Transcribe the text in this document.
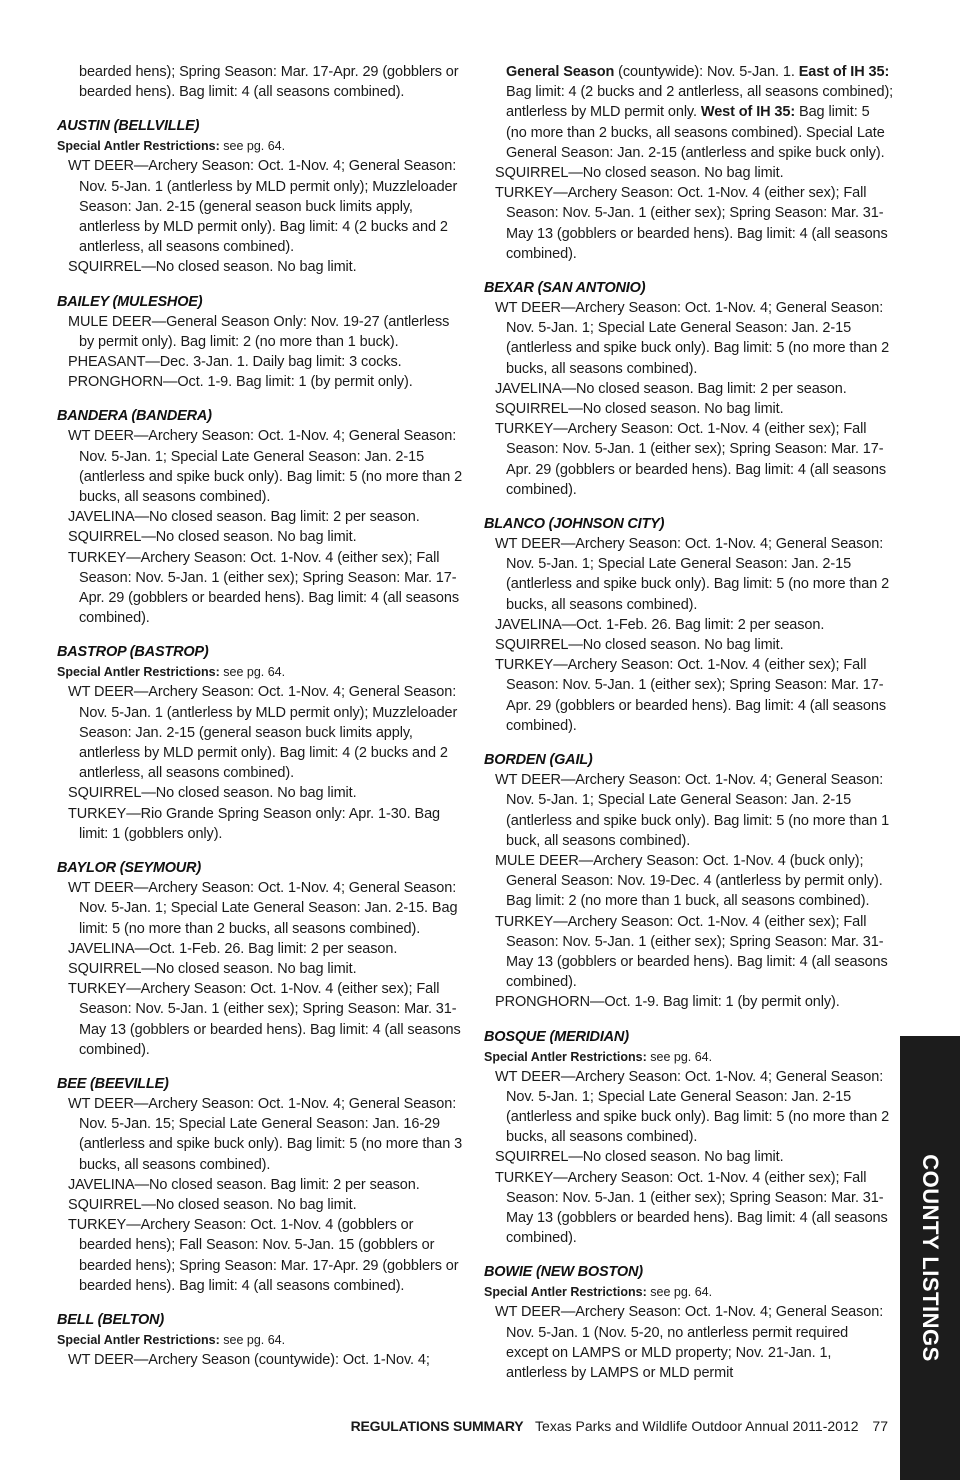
bearded hens); Spring Season: Mar. 17-Apr. 29 (gobblers or bearded hens). Bag limit: 4 (all seasons combined).
AUSTIN (BELLVILLE)
Special Antler Restrictions: see pg. 64.
WT DEER—Archery Season: Oct. 1-Nov. 4; General Season: Nov. 5-Jan. 1 (antlerless by MLD permit only); Muzzleloader Season: Jan. 2-15 (general season buck limits apply, antlerless by MLD permit only). Bag limit: 4 (2 bucks and 2 antlerless, all seasons combined).
SQUIRREL—No closed season. No bag limit.
BAILEY (MULESHOE)
MULE DEER—General Season Only: Nov. 19-27 (antlerless by permit only). Bag limit: 2 (no more than 1 buck).
PHEASANT—Dec. 3-Jan. 1. Daily bag limit: 3 cocks.
PRONGHORN—Oct. 1-9. Bag limit: 1 (by permit only).
BANDERA (BANDERA)
WT DEER—Archery Season: Oct. 1-Nov. 4; General Season: Nov. 5-Jan. 1; Special Late General Season: Jan. 2-15 (antlerless and spike buck only). Bag limit: 5 (no more than 2 bucks, all seasons combined).
JAVELINA—No closed season. Bag limit: 2 per season.
SQUIRREL—No closed season. No bag limit.
TURKEY—Archery Season: Oct. 1-Nov. 4 (either sex); Fall Season: Nov. 5-Jan. 1 (either sex); Spring Season: Mar. 17-Apr. 29 (gobblers or bearded hens). Bag limit: 4 (all seasons combined).
BASTROP (BASTROP)
Special Antler Restrictions: see pg. 64.
WT DEER—Archery Season: Oct. 1-Nov. 4; General Season: Nov. 5-Jan. 1 (antlerless by MLD permit only); Muzzleloader Season: Jan. 2-15 (general season buck limits apply, antlerless by MLD permit only). Bag limit: 4 (2 bucks and 2 antlerless, all seasons combined).
SQUIRREL—No closed season. No bag limit.
TURKEY—Rio Grande Spring Season only: Apr. 1-30. Bag limit: 1 (gobblers only).
BAYLOR (SEYMOUR)
WT DEER—Archery Season: Oct. 1-Nov. 4; General Season: Nov. 5-Jan. 1; Special Late General Season: Jan. 2-15. Bag limit: 5 (no more than 2 bucks, all seasons combined).
JAVELINA—Oct. 1-Feb. 26. Bag limit: 2 per season.
SQUIRREL—No closed season. No bag limit.
TURKEY—Archery Season: Oct. 1-Nov. 4 (either sex); Fall Season: Nov. 5-Jan. 1 (either sex); Spring Season: Mar. 31-May 13 (gobblers or bearded hens). Bag limit: 4 (all seasons combined).
BEE (BEEVILLE)
WT DEER—Archery Season: Oct. 1-Nov. 4; General Season: Nov. 5-Jan. 15; Special Late General Season: Jan. 16-29 (antlerless and spike buck only). Bag limit: 5 (no more than 3 bucks, all seasons combined).
JAVELINA—No closed season. Bag limit: 2 per season.
SQUIRREL—No closed season. No bag limit.
TURKEY—Archery Season: Oct. 1-Nov. 4 (gobblers or bearded hens); Fall Season: Nov. 5-Jan. 15 (gobblers or bearded hens); Spring Season: Mar. 17-Apr. 29 (gobblers or bearded hens). Bag limit: 4 (all seasons combined).
BELL (BELTON)
Special Antler Restrictions: see pg. 64.
WT DEER—Archery Season (countywide): Oct. 1-Nov. 4;
General Season (countywide): Nov. 5-Jan. 1. East of IH 35: Bag limit: 4 (2 bucks and 2 antlerless, all seasons combined); antlerless by MLD permit only. West of IH 35: Bag limit: 5 (no more than 2 bucks, all seasons combined). Special Late General Season: Jan. 2-15 (antlerless and spike buck only).
SQUIRREL—No closed season. No bag limit.
TURKEY—Archery Season: Oct. 1-Nov. 4 (either sex); Fall Season: Nov. 5-Jan. 1 (either sex); Spring Season: Mar. 31-May 13 (gobblers or bearded hens). Bag limit: 4 (all seasons combined).
BEXAR (SAN ANTONIO)
WT DEER—Archery Season: Oct. 1-Nov. 4; General Season: Nov. 5-Jan. 1; Special Late General Season: Jan. 2-15 (antlerless and spike buck only). Bag limit: 5 (no more than 2 bucks, all seasons combined).
JAVELINA—No closed season. Bag limit: 2 per season.
SQUIRREL—No closed season. No bag limit.
TURKEY—Archery Season: Oct. 1-Nov. 4 (either sex); Fall Season: Nov. 5-Jan. 1 (either sex); Spring Season: Mar. 17-Apr. 29 (gobblers or bearded hens). Bag limit: 4 (all seasons combined).
BLANCO (JOHNSON CITY)
WT DEER—Archery Season: Oct. 1-Nov. 4; General Season: Nov. 5-Jan. 1; Special Late General Season: Jan. 2-15 (antlerless and spike buck only). Bag limit: 5 (no more than 2 bucks, all seasons combined).
JAVELINA—Oct. 1-Feb. 26. Bag limit: 2 per season.
SQUIRREL—No closed season. No bag limit.
TURKEY—Archery Season: Oct. 1-Nov. 4 (either sex); Fall Season: Nov. 5-Jan. 1 (either sex); Spring Season: Mar. 17-Apr. 29 (gobblers or bearded hens). Bag limit: 4 (all seasons combined).
BORDEN (GAIL)
WT DEER—Archery Season: Oct. 1-Nov. 4; General Season: Nov. 5-Jan. 1; Special Late General Season: Jan. 2-15 (antlerless and spike buck only). Bag limit: 5 (no more than 1 buck, all seasons combined).
MULE DEER—Archery Season: Oct. 1-Nov. 4 (buck only); General Season: Nov. 19-Dec. 4 (antlerless by permit only). Bag limit: 2 (no more than 1 buck, all seasons combined).
TURKEY—Archery Season: Oct. 1-Nov. 4 (either sex); Fall Season: Nov. 5-Jan. 1 (either sex); Spring Season: Mar. 31-May 13 (gobblers or bearded hens). Bag limit: 4 (all seasons combined).
PRONGHORN—Oct. 1-9. Bag limit: 1 (by permit only).
BOSQUE (MERIDIAN)
Special Antler Restrictions: see pg. 64.
WT DEER—Archery Season: Oct. 1-Nov. 4; General Season: Nov. 5-Jan. 1; Special Late General Season: Jan. 2-15 (antlerless and spike buck only). Bag limit: 5 (no more than 2 bucks, all seasons combined).
SQUIRREL—No closed season. No bag limit.
TURKEY—Archery Season: Oct. 1-Nov. 4 (either sex); Fall Season: Nov. 5-Jan. 1 (either sex); Spring Season: Mar. 31-May 13 (gobblers or bearded hens). Bag limit: 4 (all seasons combined).
BOWIE (NEW BOSTON)
Special Antler Restrictions: see pg. 64.
WT DEER—Archery Season: Oct. 1-Nov. 4; General Season: Nov. 5-Jan. 1 (Nov. 5-20, no antlerless permit required except on LAMPS or MLD property; Nov. 21-Jan. 1, antlerless by LAMPS or MLD permit
COUNTY LISTINGS
REGULATIONS SUMMARY Texas Parks and Wildlife Outdoor Annual 2011-2012 77
